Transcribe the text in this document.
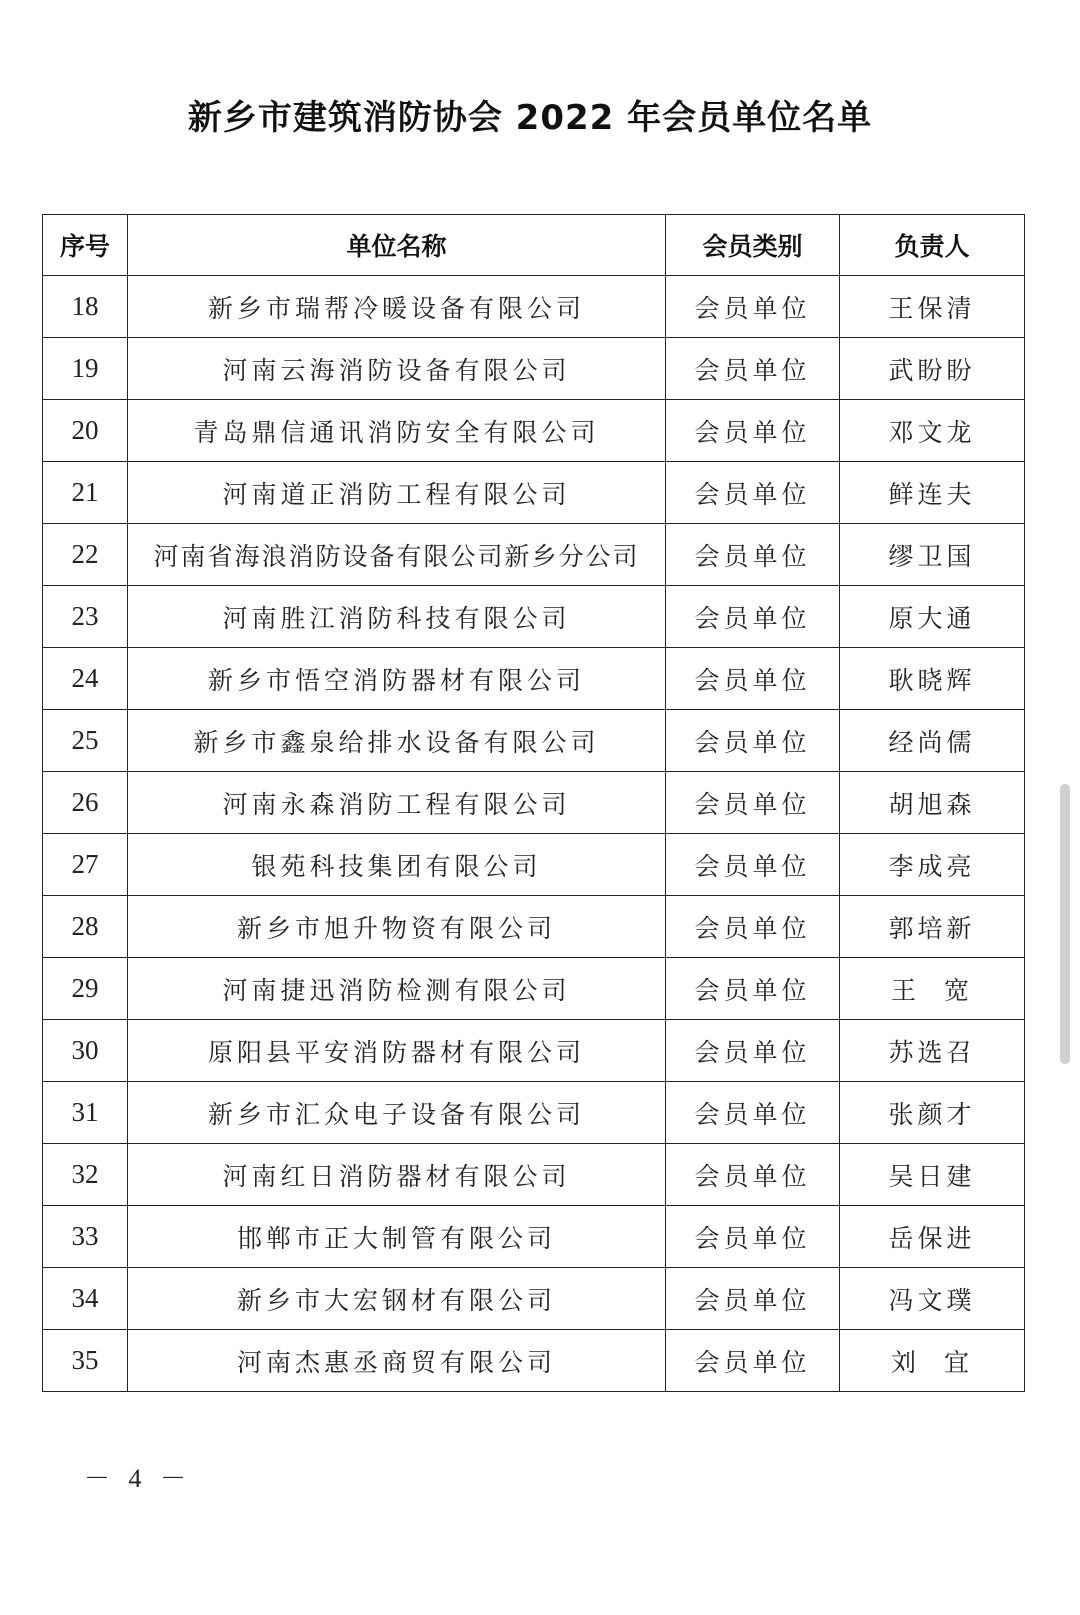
新乡市建筑消防协会 2022 年会员单位名单
序号	单位名称	会员类别	负责人
18	新乡市瑞帮冷暖设备有限公司	会员单位	王保清
19	河南云海消防设备有限公司	会员单位	武盼盼
20	青岛鼎信通讯消防安全有限公司	会员单位	邓文龙
21	河南道正消防工程有限公司	会员单位	鲜连夫
22	河南省海浪消防设备有限公司新乡分公司	会员单位	缪卫国
23	河南胜江消防科技有限公司	会员单位	原大通
24	新乡市悟空消防器材有限公司	会员单位	耿晓辉
25	新乡市鑫泉给排水设备有限公司	会员单位	经尚儒
26	河南永森消防工程有限公司	会员单位	胡旭森
27	银苑科技集团有限公司	会员单位	李成亮
28	新乡市旭升物资有限公司	会员单位	郭培新
29	河南捷迅消防检测有限公司	会员单位	王  宽
30	原阳县平安消防器材有限公司	会员单位	苏选召
31	新乡市汇众电子设备有限公司	会员单位	张颜才
32	河南红日消防器材有限公司	会员单位	吴日建
33	邯郸市正大制管有限公司	会员单位	岳保进
34	新乡市大宏钢材有限公司	会员单位	冯文璞
35	河南杰惠丞商贸有限公司	会员单位	刘  宜
－ 4 －
